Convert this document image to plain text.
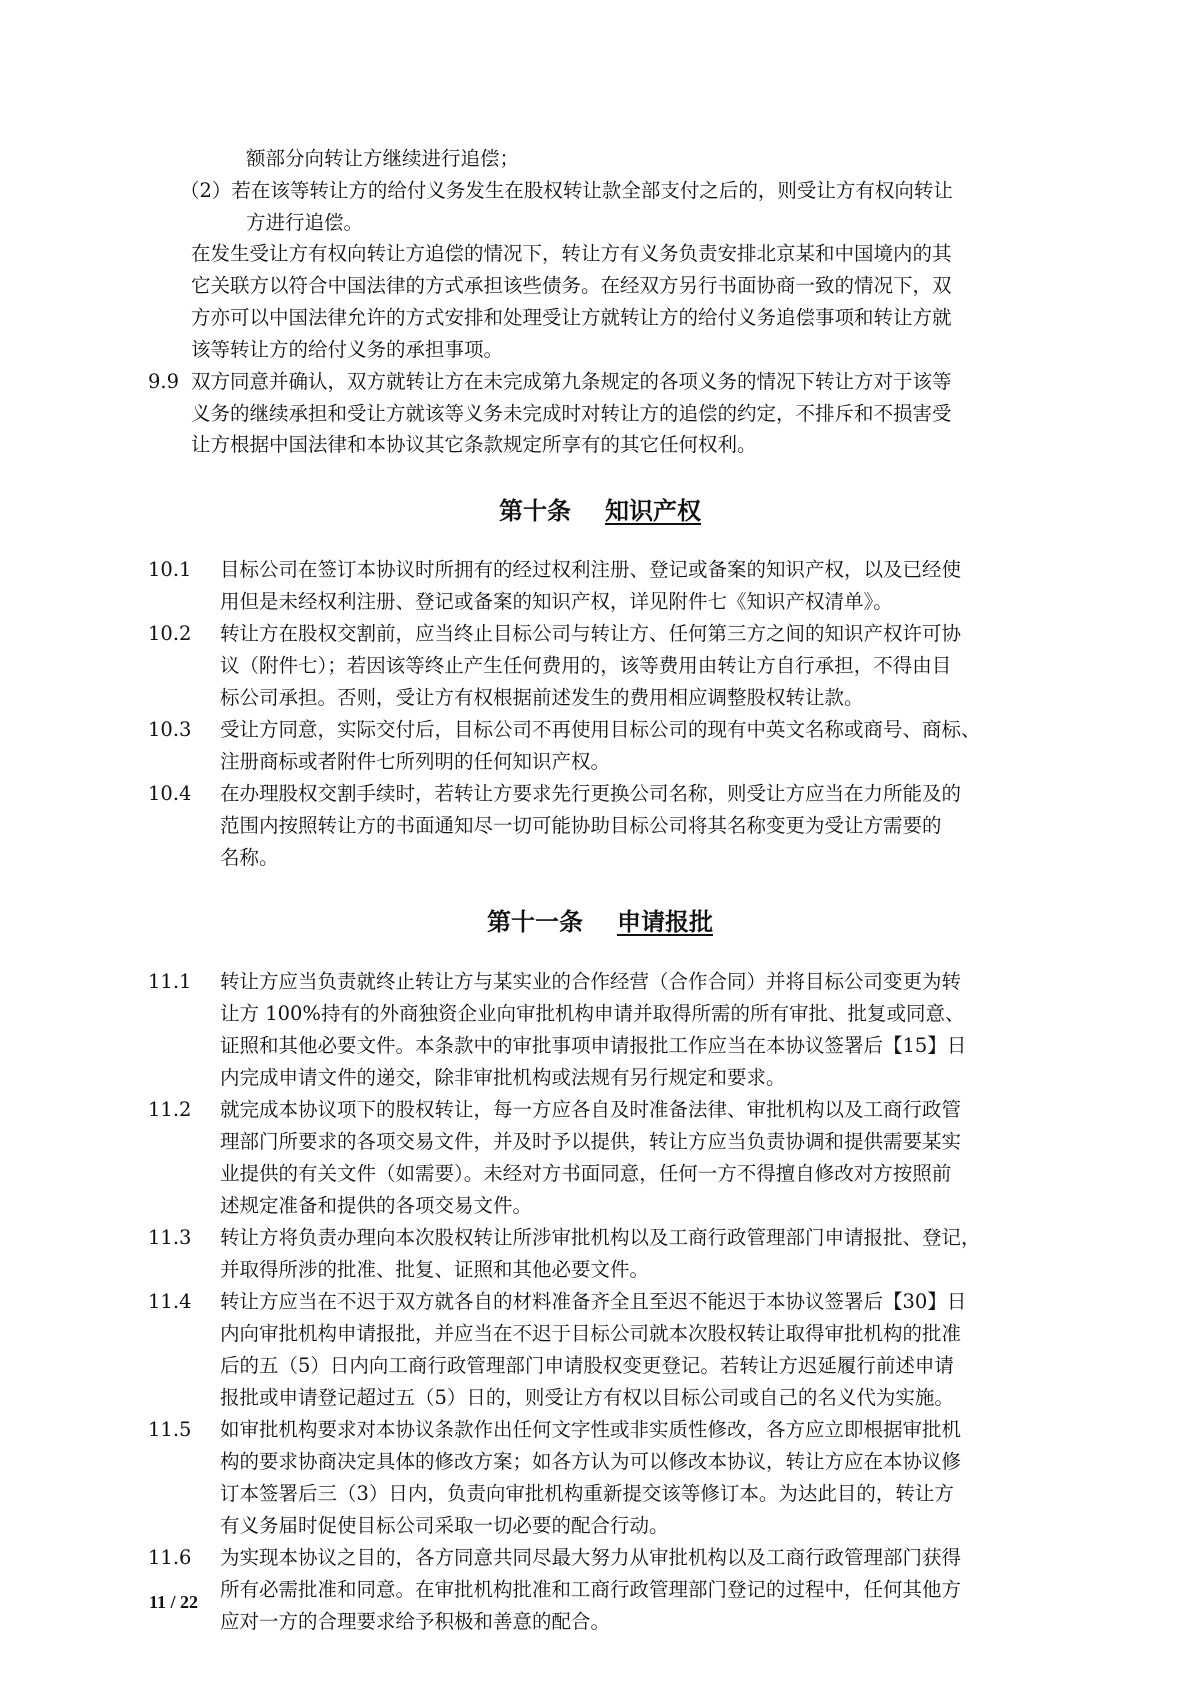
额部分向转让方继续进行追偿；
（2）若在该等转让方的给付义务发生在股权转让款全部支付之后的，则受让方有权向转让
方进行追偿。
在发生受让方有权向转让方追偿的情况下，转让方有义务负责安排北京某和中国境内的其
它关联方以符合中国法律的方式承担该些债务。在经双方另行书面协商一致的情况下，双
方亦可以中国法律允许的方式安排和处理受让方就转让方的给付义务追偿事项和转让方就
该等转让方的给付义务的承担事项。
9.9 双方同意并确认，双方就转让方在未完成第九条规定的各项义务的情况下转让方对于该等
义务的继续承担和受让方就该等义务未完成时对转让方的追偿的约定，不排斥和不损害受
让方根据中国法律和本协议其它条款规定所享有的其它任何权利。
第十条 知识产权
10.1 目标公司在签订本协议时所拥有的经过权利注册、登记或备案的知识产权，以及已经使
用但是未经权利注册、登记或备案的知识产权，详见附件七《知识产权清单》。
10.2 转让方在股权交割前，应当终止目标公司与转让方、任何第三方之间的知识产权许可协
议（附件七）；若因该等终止产生任何费用的，该等费用由转让方自行承担，不得由目
标公司承担。否则，受让方有权根据前述发生的费用相应调整股权转让款。
10.3 受让方同意，实际交付后，目标公司不再使用目标公司的现有中英文名称或商号、商标、
注册商标或者附件七所列明的任何知识产权。
10.4 在办理股权交割手续时，若转让方要求先行更换公司名称，则受让方应当在力所能及的
范围内按照转让方的书面通知尽一切可能协助目标公司将其名称变更为受让方需要的
名称。
第十一条 申请报批
11.1 转让方应当负责就终止转让方与某实业的合作经营（合作合同）并将目标公司变更为转
让方 100%持有的外商独资企业向审批机构申请并取得所需的所有审批、批复或同意、
证照和其他必要文件。本条款中的审批事项申请报批工作应当在本协议签署后【15】日
内完成申请文件的递交，除非审批机构或法规有另行规定和要求。
11.2 就完成本协议项下的股权转让，每一方应各自及时准备法律、审批机构以及工商行政管
理部门所要求的各项交易文件，并及时予以提供，转让方应当负责协调和提供需要某实
业提供的有关文件（如需要）。未经对方书面同意，任何一方不得擅自修改对方按照前
述规定准备和提供的各项交易文件。
11.3 转让方将负责办理向本次股权转让所涉审批机构以及工商行政管理部门申请报批、登记，
并取得所涉的批准、批复、证照和其他必要文件。
11.4 转让方应当在不迟于双方就各自的材料准备齐全且至迟不能迟于本协议签署后【30】日
内向审批机构申请报批，并应当在不迟于目标公司就本次股权转让取得审批机构的批准
后的五（5）日内向工商行政管理部门申请股权变更登记。若转让方迟延履行前述申请
报批或申请登记超过五（5）日的，则受让方有权以目标公司或自己的名义代为实施。
11.5 如审批机构要求对本协议条款作出任何文字性或非实质性修改，各方应立即根据审批机
构的要求协商决定具体的修改方案；如各方认为可以修改本协议，转让方应在本协议修
订本签署后三（3）日内，负责向审批机构重新提交该等修订本。为达此目的，转让方
有义务届时促使目标公司采取一切必要的配合行动。
11.6 为实现本协议之目的，各方同意共同尽最大努力从审批机构以及工商行政管理部门获得
所有必需批准和同意。在审批机构批准和工商行政管理部门登记的过程中，任何其他方
应对一方的合理要求给予积极和善意的配合。
11 / 22
